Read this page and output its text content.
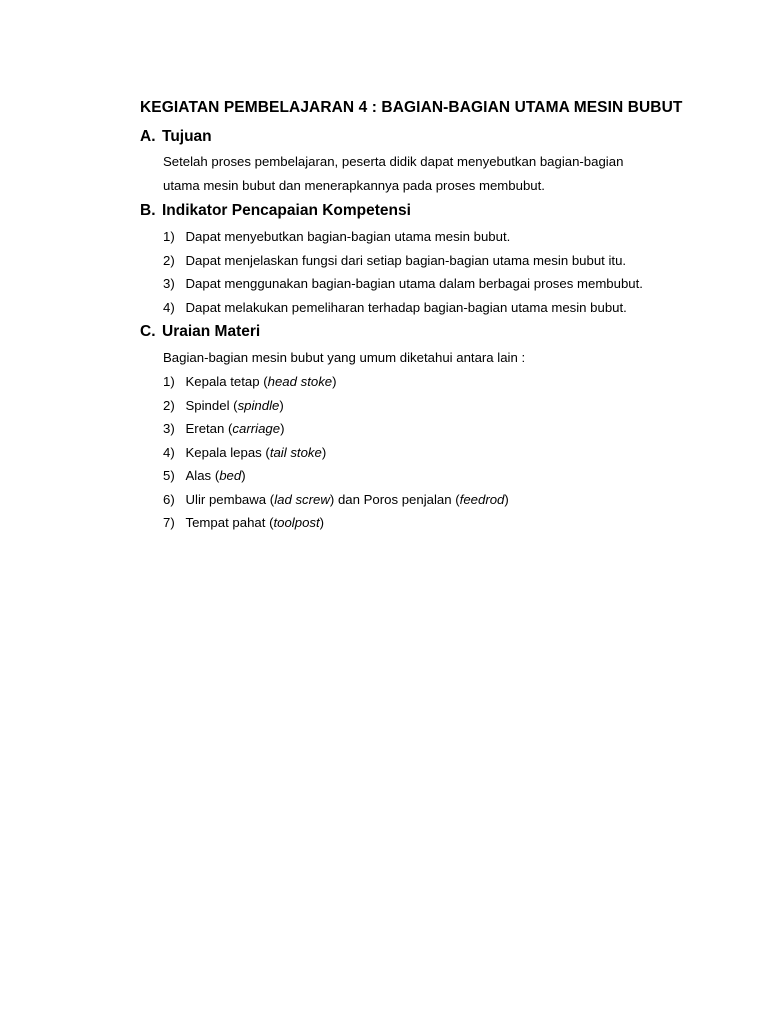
KEGIATAN PEMBELAJARAN 4 : BAGIAN-BAGIAN UTAMA MESIN BUBUT
A. Tujuan
Setelah proses pembelajaran, peserta didik dapat menyebutkan bagian-bagian
utama mesin bubut dan menerapkannya pada proses membubut.
B. Indikator Pencapaian Kompetensi
1) Dapat menyebutkan bagian-bagian utama mesin bubut.
2) Dapat menjelaskan fungsi dari setiap bagian-bagian utama mesin bubut itu.
3) Dapat menggunakan bagian-bagian utama dalam berbagai proses membubut.
4) Dapat melakukan pemeliharan terhadap bagian-bagian utama mesin bubut.
C. Uraian Materi
Bagian-bagian mesin bubut yang umum diketahui antara lain :
1) Kepala tetap (head stoke)
2) Spindel (spindle)
3) Eretan (carriage)
4) Kepala lepas (tail stoke)
5) Alas (bed)
6) Ulir pembawa (lad screw) dan Poros penjalan (feedrod)
7) Tempat pahat (toolpost)
